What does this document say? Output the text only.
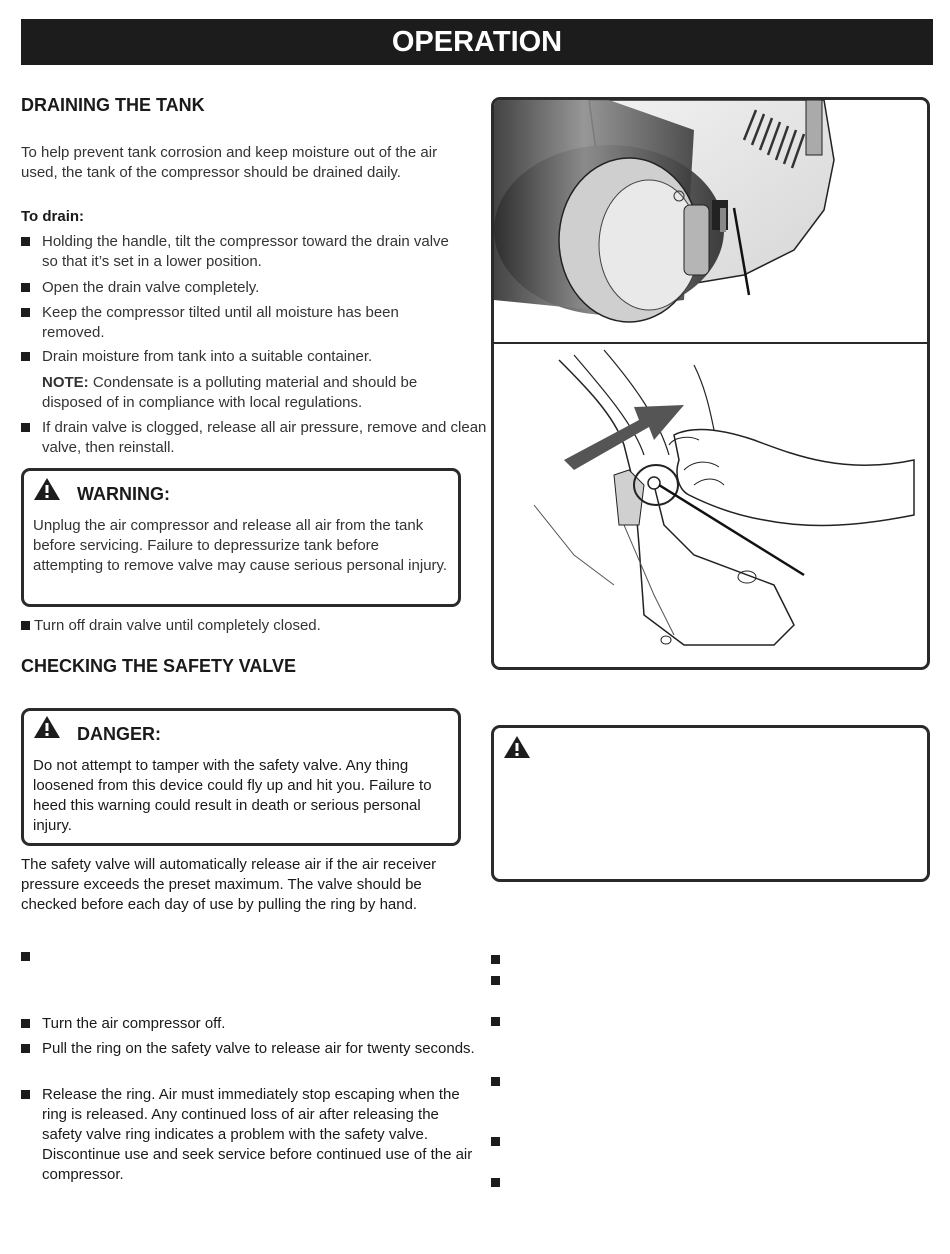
OPERATION
DRAINING THE TANK
To help prevent tank corrosion and keep moisture out of the air used, the tank of the compressor should be drained daily.
To drain:
Holding the handle, tilt the compressor toward the drain valve so that it’s set in a lower position.
Open the drain valve completely.
Keep the compressor tilted until all moisture has been removed.
Drain moisture from tank into a suitable container.
NOTE: Condensate is a polluting material and should be disposed of in compliance with local regulations.
If drain valve is clogged, release all air pressure, remove and clean valve, then reinstall.
WARNING:
Unplug the air compressor and release all air from the tank before servicing. Failure to depressurize tank before attempting to remove valve may cause serious personal injury.
Turn off drain valve until completely closed.
CHECKING THE SAFETY VALVE
DANGER:
Do not attempt to tamper with the safety valve. Any thing loosened from this device could fly up and hit you. Failure to heed this warning could result in death or serious personal injury.
The safety valve will automatically release air if the air receiver pressure exceeds the preset maximum. The valve should be checked before each day of use by pulling the ring by hand.
Turn the air compressor off.
Pull the ring on the safety valve to release air for twenty seconds.
Release the ring. Air must immediately stop escaping when the ring is released. Any continued loss of air after releasing the safety valve ring indicates a problem with the safety valve. Discontinue use and seek service before continued use of the air compressor.
